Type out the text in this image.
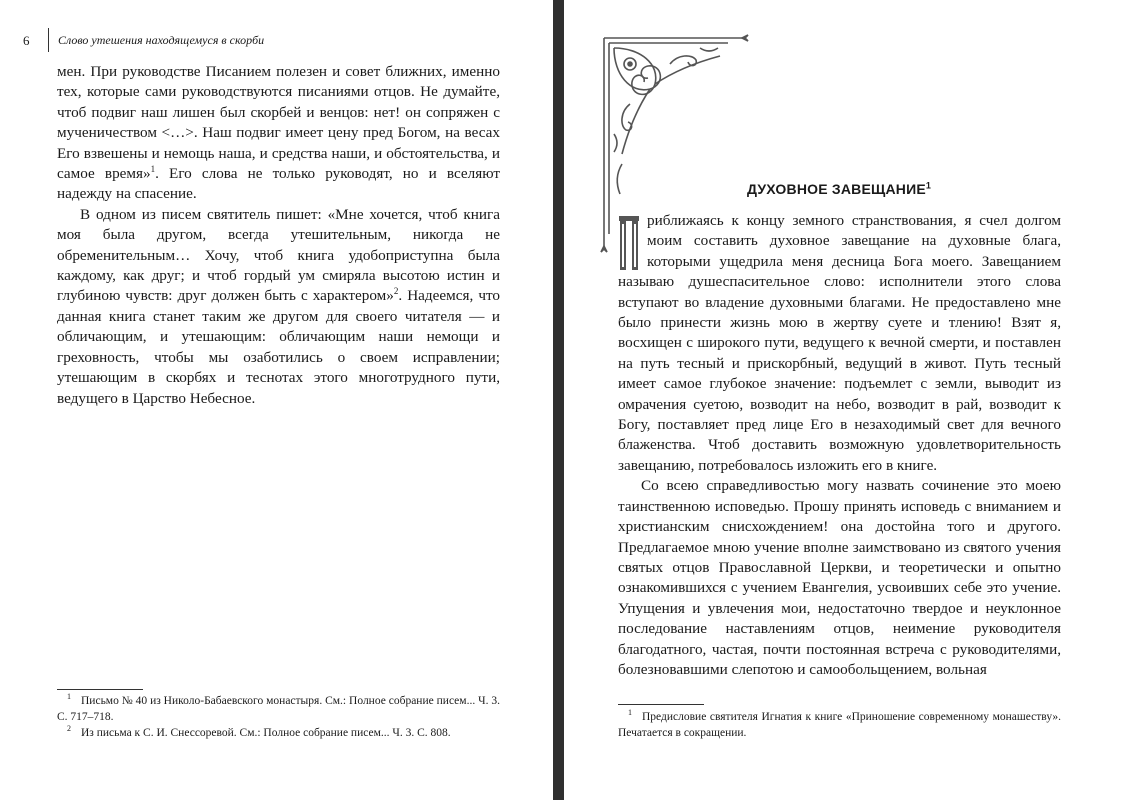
6 Слово утешения находящемуся в скорби

мен. При руководстве Писанием полезен и совет ближних, именно тех, которые сами руководствуются писаниями отцов. Не думайте, чтоб подвиг наш лишен был скорбей и венцов: нет! он сопряжен с мученичеством <…>. Наш подвиг имеет цену пред Богом, на весах Его взвешены и немощь наша, и средства наши, и обстоятельства, и самое время»$^1$. Его слова не только руководят, но и вселяют надежду на спасение.

В одном из писем святитель пишет: «Мне хочется, чтоб книга моя была другом, всегда утешительным, никогда не обременительным… Хочу, чтоб книга удобоприступна была каждому, как друг; и чтоб гордый ум смиряла высотою истин и глубиною чувств: друг должен быть с характером»$^2$. Надеемся, что данная книга станет таким же другом для своего читателя — и обличающим, и утешающим: обличающим наши немощи и греховность, чтобы мы озаботились о своем исправлении; утешающим в скорбях и теснотах этого многотрудного пути, ведущего в Царство Небесное.

1 Письмо № 40 из Николо-Бабаевского монастыря. См.: Полное собрание писем... Ч. 3. С. 717–718.

2 Из письма к С. И. Снессоревой. См.: Полное собрание писем... Ч. 3. С. 808.

ДУХОВНОЕ ЗАВЕЩАНИЕ$^1$
П

риближаясь к концу земного странствования, я счел долгом моим составить духовное завещание на духовные блага, которыми ущедрила меня десница Бога моего. Завещанием называю душеспасительное слово: исполнители этого слова вступают во владение духовными благами. Не предоставлено мне было принести жизнь мою в жертву суете и тлению! Взят я, восхищен с широкого пути, ведущего к вечной смерти, и поставлен на путь тесный и прискорбный, ведущий в живот. Путь тесный имеет самое глубокое значение: подъемлет с земли, выводит из омрачения суетою, возводит на небо, возводит в рай, возводит к Богу, поставляет пред лице Его в незаходимый свет для вечного блаженства. Чтоб доставить возможную удовлетворительность завещанию, потребовалось изложить его в книге.

Со всею справедливостью могу назвать сочинение это моею таинственною исповедью. Прошу принять исповедь с вниманием и христианским снисхождением! она достойна того и другого. Предлагаемое мною учение вполне заимствовано из святого учения святых отцов Православной Церкви, и теоретически и опытно ознакомившихся с учением Евангелия, усвоивших себе это учение. Упущения и увлечения мои, недостаточно твердое и неуклонное последование наставлениям отцов, неимение руководителя благодатного, частая, почти постоянная встреча с руководителями, болезновавшими слепотою и самообольщением, вольная

1 Предисловие святителя Игнатия к книге «Приношение современному монашеству». Печатается в сокращении.
